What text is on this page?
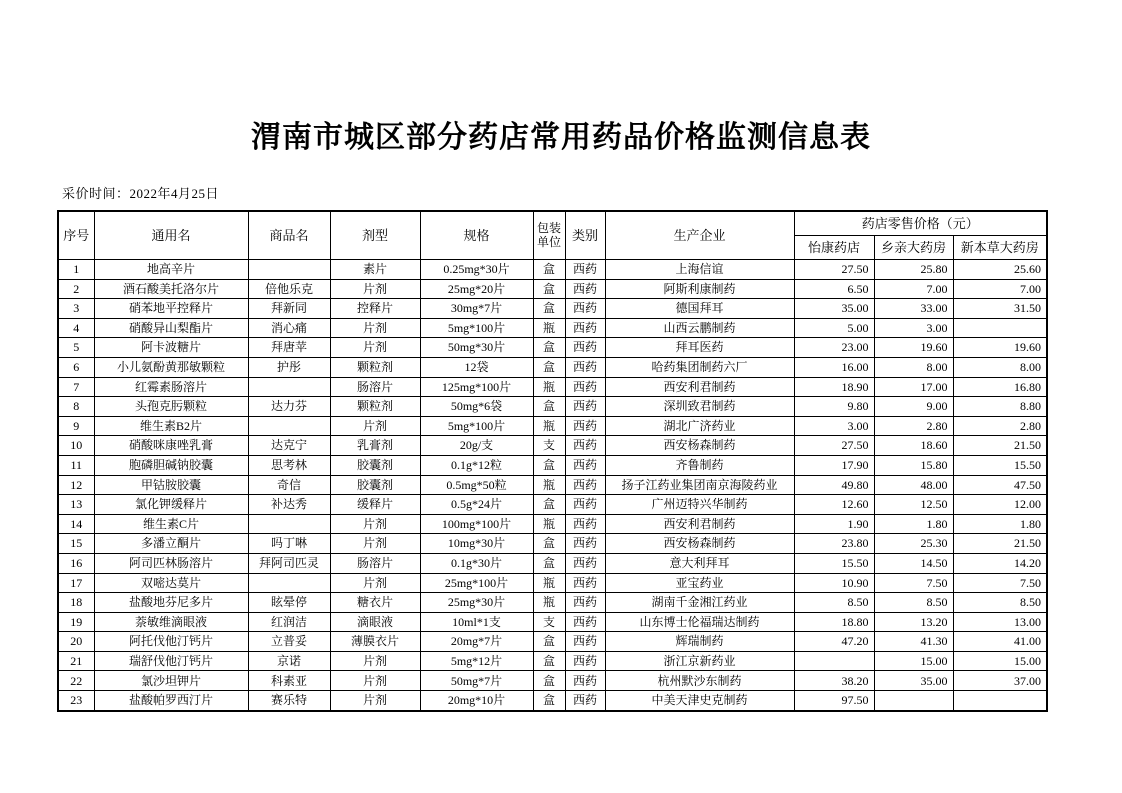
渭南市城区部分药店常用药品价格监测信息表
采价时间：2022年4月25日
序号	通用名	商品名	剂型	规格	包装单位	类别	生产企业	药店零售价格（元）		
								怡康药店	乡亲大药房	新本草大药房
1	地高辛片		素片	0.25mg*30片	盒	西药	上海信谊	27.50	25.80	25.60
2	酒石酸美托洛尔片	倍他乐克	片剂	25mg*20片	盒	西药	阿斯利康制药	6.50	7.00	7.00
3	硝苯地平控释片	拜新同	控释片	30mg*7片	盒	西药	德国拜耳	35.00	33.00	31.50
4	硝酸异山梨酯片	消心痛	片剂	5mg*100片	瓶	西药	山西云鹏制药	5.00	3.00	
5	阿卡波糖片	拜唐苹	片剂	50mg*30片	盒	西药	拜耳医药	23.00	19.60	19.60
6	小儿氨酚黄那敏颗粒	护彤	颗粒剂	12袋	盒	西药	哈药集团制药六厂	16.00	8.00	8.00
7	红霉素肠溶片		肠溶片	125mg*100片	瓶	西药	西安利君制药	18.90	17.00	16.80
8	头孢克肟颗粒	达力芬	颗粒剂	50mg*6袋	盒	西药	深圳致君制药	9.80	9.00	8.80
9	维生素B2片		片剂	5mg*100片	瓶	西药	湖北广济药业	3.00	2.80	2.80
10	硝酸咪康唑乳膏	达克宁	乳膏剂	20g/支	支	西药	西安杨森制药	27.50	18.60	21.50
11	胞磷胆碱钠胶囊	思考林	胶囊剂	0.1g*12粒	盒	西药	齐鲁制药	17.90	15.80	15.50
12	甲钴胺胶囊	奇信	胶囊剂	0.5mg*50粒	瓶	西药	扬子江药业集团南京海陵药业	49.80	48.00	47.50
13	氯化钾缓释片	补达秀	缓释片	0.5g*24片	盒	西药	广州迈特兴华制药	12.60	12.50	12.00
14	维生素C片		片剂	100mg*100片	瓶	西药	西安利君制药	1.90	1.80	1.80
15	多潘立酮片	吗丁啉	片剂	10mg*30片	盒	西药	西安杨森制药	23.80	25.30	21.50
16	阿司匹林肠溶片	拜阿司匹灵	肠溶片	0.1g*30片	盒	西药	意大利拜耳	15.50	14.50	14.20
17	双嘧达莫片		片剂	25mg*100片	瓶	西药	亚宝药业	10.90	7.50	7.50
18	盐酸地芬尼多片	眩晕停	糖衣片	25mg*30片	瓶	西药	湖南千金湘江药业	8.50	8.50	8.50
19	萘敏维滴眼液	红润洁	滴眼液	10ml*1支	支	西药	山东博士伦福瑞达制药	18.80	13.20	13.00
20	阿托伐他汀钙片	立普妥	薄膜衣片	20mg*7片	盒	西药	辉瑞制药	47.20	41.30	41.00
21	瑞舒伐他汀钙片	京诺	片剂	5mg*12片	盒	西药	浙江京新药业		15.00	15.00
22	氯沙坦钾片	科素亚	片剂	50mg*7片	盒	西药	杭州默沙东制药	38.20	35.00	37.00
23	盐酸帕罗西汀片	赛乐特	片剂	20mg*10片	盒	西药	中美天津史克制药	97.50		
